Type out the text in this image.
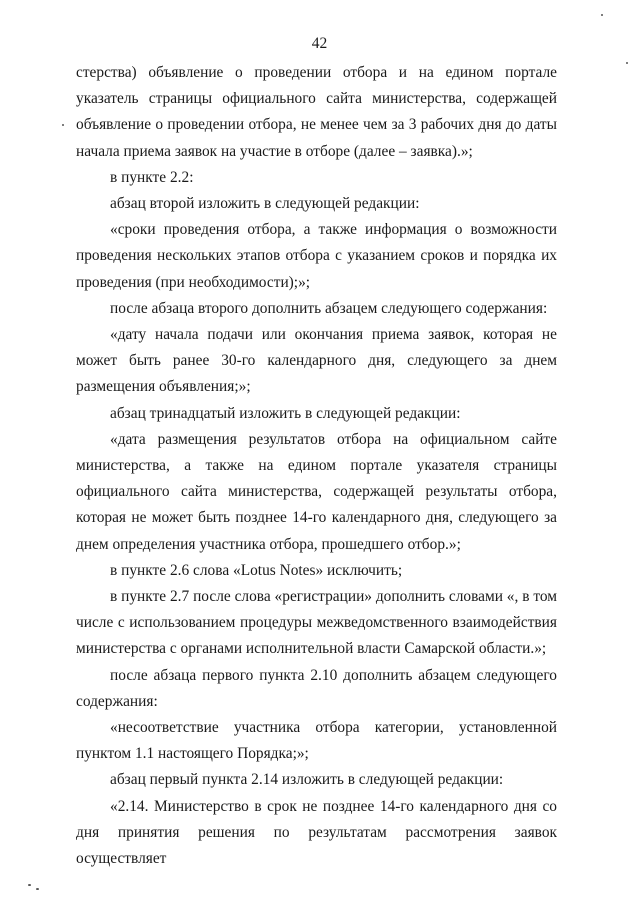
42

стерства) объявление о проведении отбора и на едином портале указатель страницы официального сайта министерства, содержащей объявление о проведении отбора, не менее чем за 3 рабочих дня до даты начала приема заявок на участие в отборе (далее – заявка).»;

в пункте 2.2:

абзац второй изложить в следующей редакции:

«сроки проведения отбора, а также информация о возможности проведения нескольких этапов отбора с указанием сроков и порядка их проведения (при необходимости);»;

после абзаца второго дополнить абзацем следующего содержания:

«дату начала подачи или окончания приема заявок, которая не может быть ранее 30-го календарного дня, следующего за днем размещения объявления;»;

абзац тринадцатый изложить в следующей редакции:

«дата размещения результатов отбора на официальном сайте министерства, а также на едином портале указателя страницы официального сайта министерства, содержащей результаты отбора, которая не может быть позднее 14-го календарного дня, следующего за днем определения участника отбора, прошедшего отбор.»;

в пункте 2.6 слова «Lotus Notes» исключить;

в пункте 2.7 после слова «регистрации» дополнить словами «, в том числе с использованием процедуры межведомственного взаимодействия министерства с органами исполнительной власти Самарской области.»;

после абзаца первого пункта 2.10 дополнить абзацем следующего содержания:

«несоответствие участника отбора категории, установленной пунктом 1.1 настоящего Порядка;»;

абзац первый пункта 2.14 изложить в следующей редакции:

«2.14. Министерство в срок не позднее 14-го календарного дня со дня принятия решения по результатам рассмотрения заявок осуществляет
